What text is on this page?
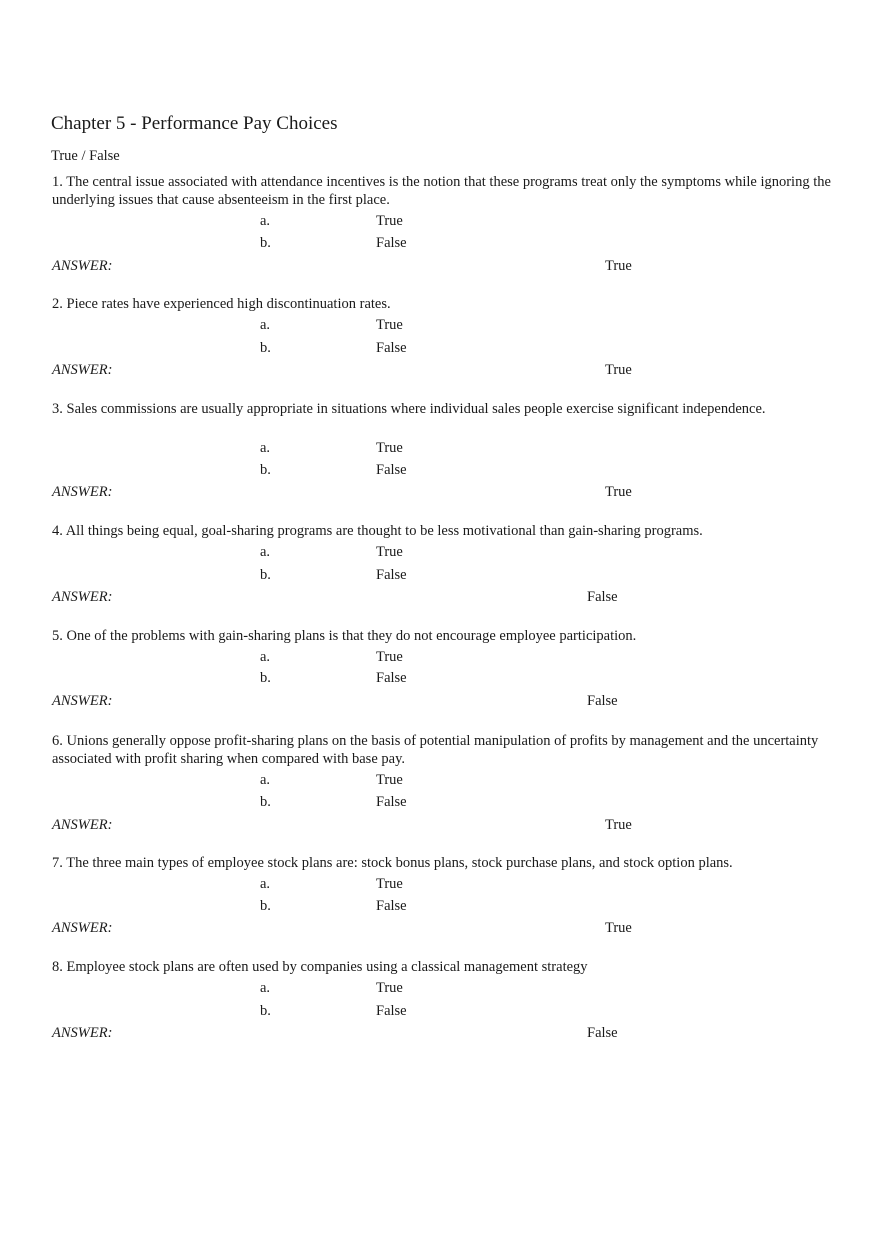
Chapter 5 - Performance Pay Choices
True / False

1. The central issue associated with attendance incentives is the notion that these programs treat only the symptoms while ignoring the underlying issues that cause absenteeism in the first place.

a.	True
b.	False
ANSWER:	True

2. Piece rates have experienced high discontinuation rates.

a.	True
b.	False
ANSWER:	True

3. Sales commissions are usually appropriate in situations where individual sales people exercise significant independence.

a.	True
b.	False
ANSWER:	True

4. All things being equal, goal-sharing programs are thought to be less motivational than gain-sharing programs.

a.	True
b.	False
ANSWER:	False

5. One of the problems with gain-sharing plans is that they do not encourage employee participation.

a.	True
b.	False
ANSWER:	False

6. Unions generally oppose profit-sharing plans on the basis of potential manipulation of profits by management and the uncertainty associated with profit sharing when compared with base pay.

a.	True
b.	False
ANSWER:	True

7. The three main types of employee stock plans are: stock bonus plans, stock purchase plans, and stock option plans.

a.	True
b.	False
ANSWER:	True

8. Employee stock plans are often used by companies using a classical management strategy

a.	True
b.	False
ANSWER:	False
